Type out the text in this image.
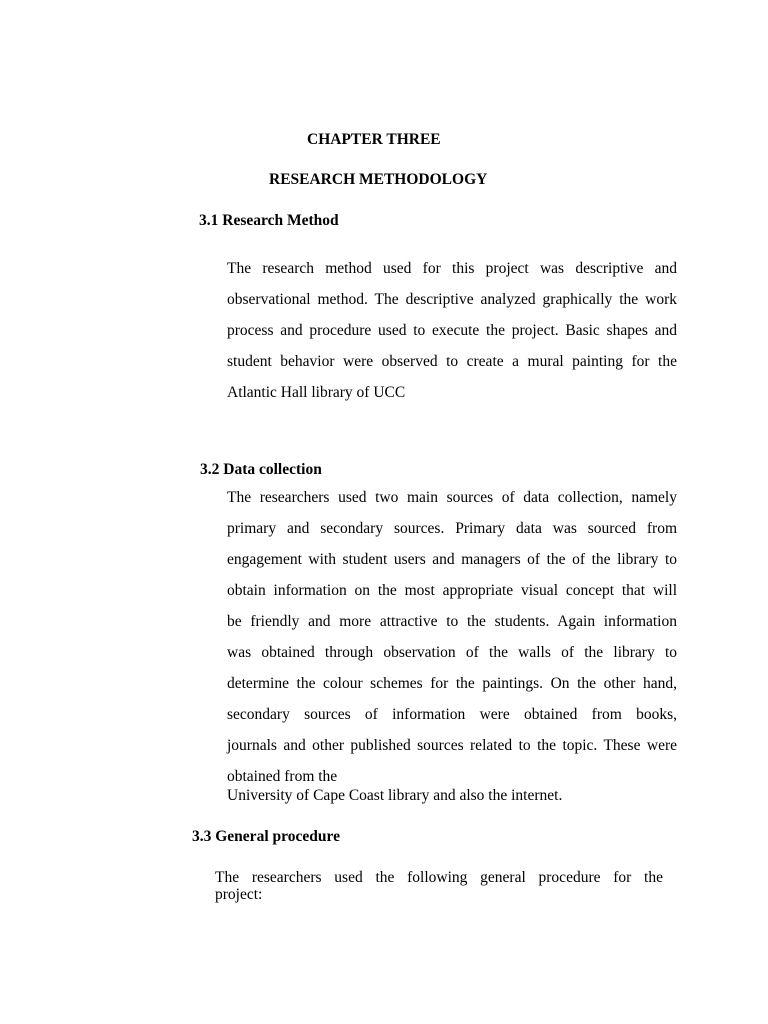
CHAPTER THREE
RESEARCH METHODOLOGY
3.1 Research Method
The research method used for this project was descriptive and
observational method. The descriptive analyzed graphically the work
process and procedure used to execute the project. Basic shapes and
student behavior were observed to create a mural painting for the
Atlantic Hall library of UCC
3.2 Data collection
The researchers used two main sources of data collection, namely
primary and secondary sources. Primary data was sourced from
engagement with student users and managers of the of the library to
obtain information on the most appropriate visual concept that will
be friendly and more attractive to the students. Again information
was obtained through observation of the walls of the library to
determine the colour schemes for the paintings. On the other hand,
secondary sources of information were obtained from books,
journals and other published sources related to the topic. These were
obtained from the

University of Cape Coast library and also the internet.

3.3 General procedure
The researchers used the following general procedure for the
project:
